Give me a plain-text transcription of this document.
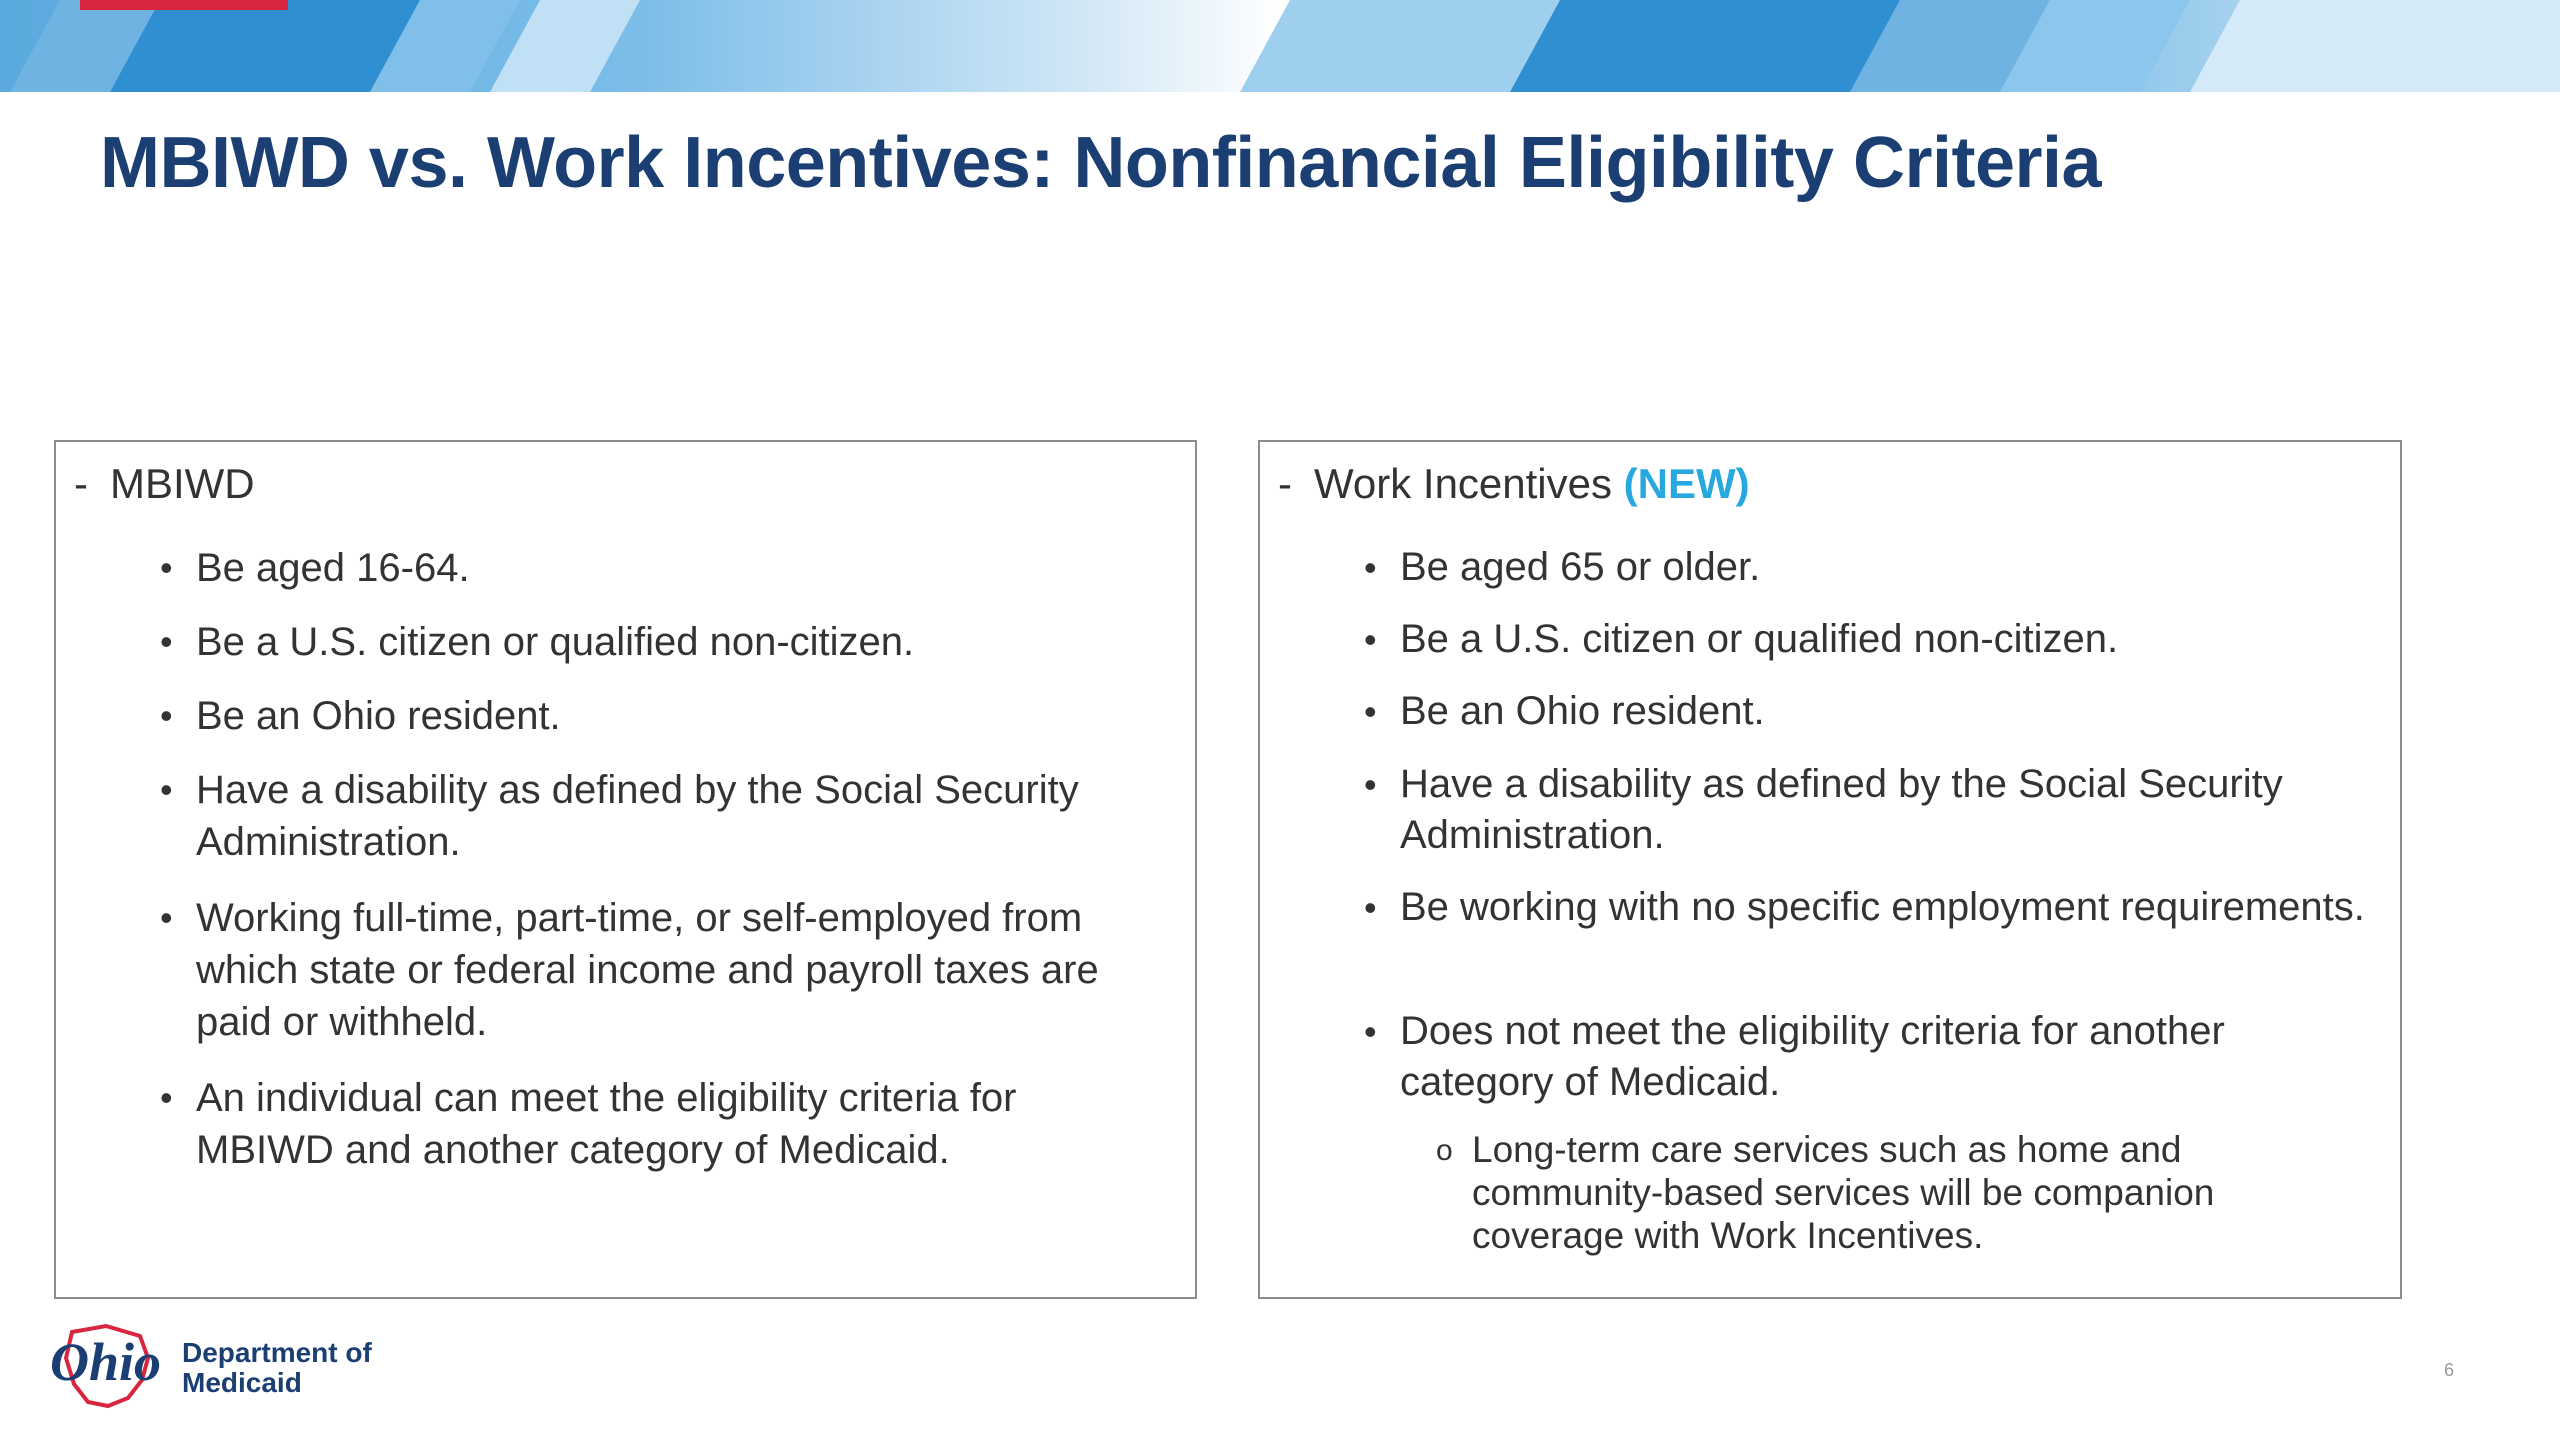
MBIWD vs. Work Incentives: Nonfinancial Eligibility Criteria
- MBIWD
• Be aged 16-64.
• Be a U.S. citizen or qualified non-citizen.
• Be an Ohio resident.
• Have a disability as defined by the Social Security Administration.
• Working full-time, part-time, or self-employed from which state or federal income and payroll taxes are paid or withheld.
• An individual can meet the eligibility criteria for MBIWD and another category of Medicaid.
- Work Incentives (NEW)
• Be aged 65 or older.
• Be a U.S. citizen or qualified non-citizen.
• Be an Ohio resident.
• Have a disability as defined by the Social Security Administration.
• Be working with no specific employment requirements.
• Does not meet the eligibility criteria for another category of Medicaid.
o Long-term care services such as home and community-based services will be companion coverage with Work Incentives.
Ohio Department of
Medicaid	6
